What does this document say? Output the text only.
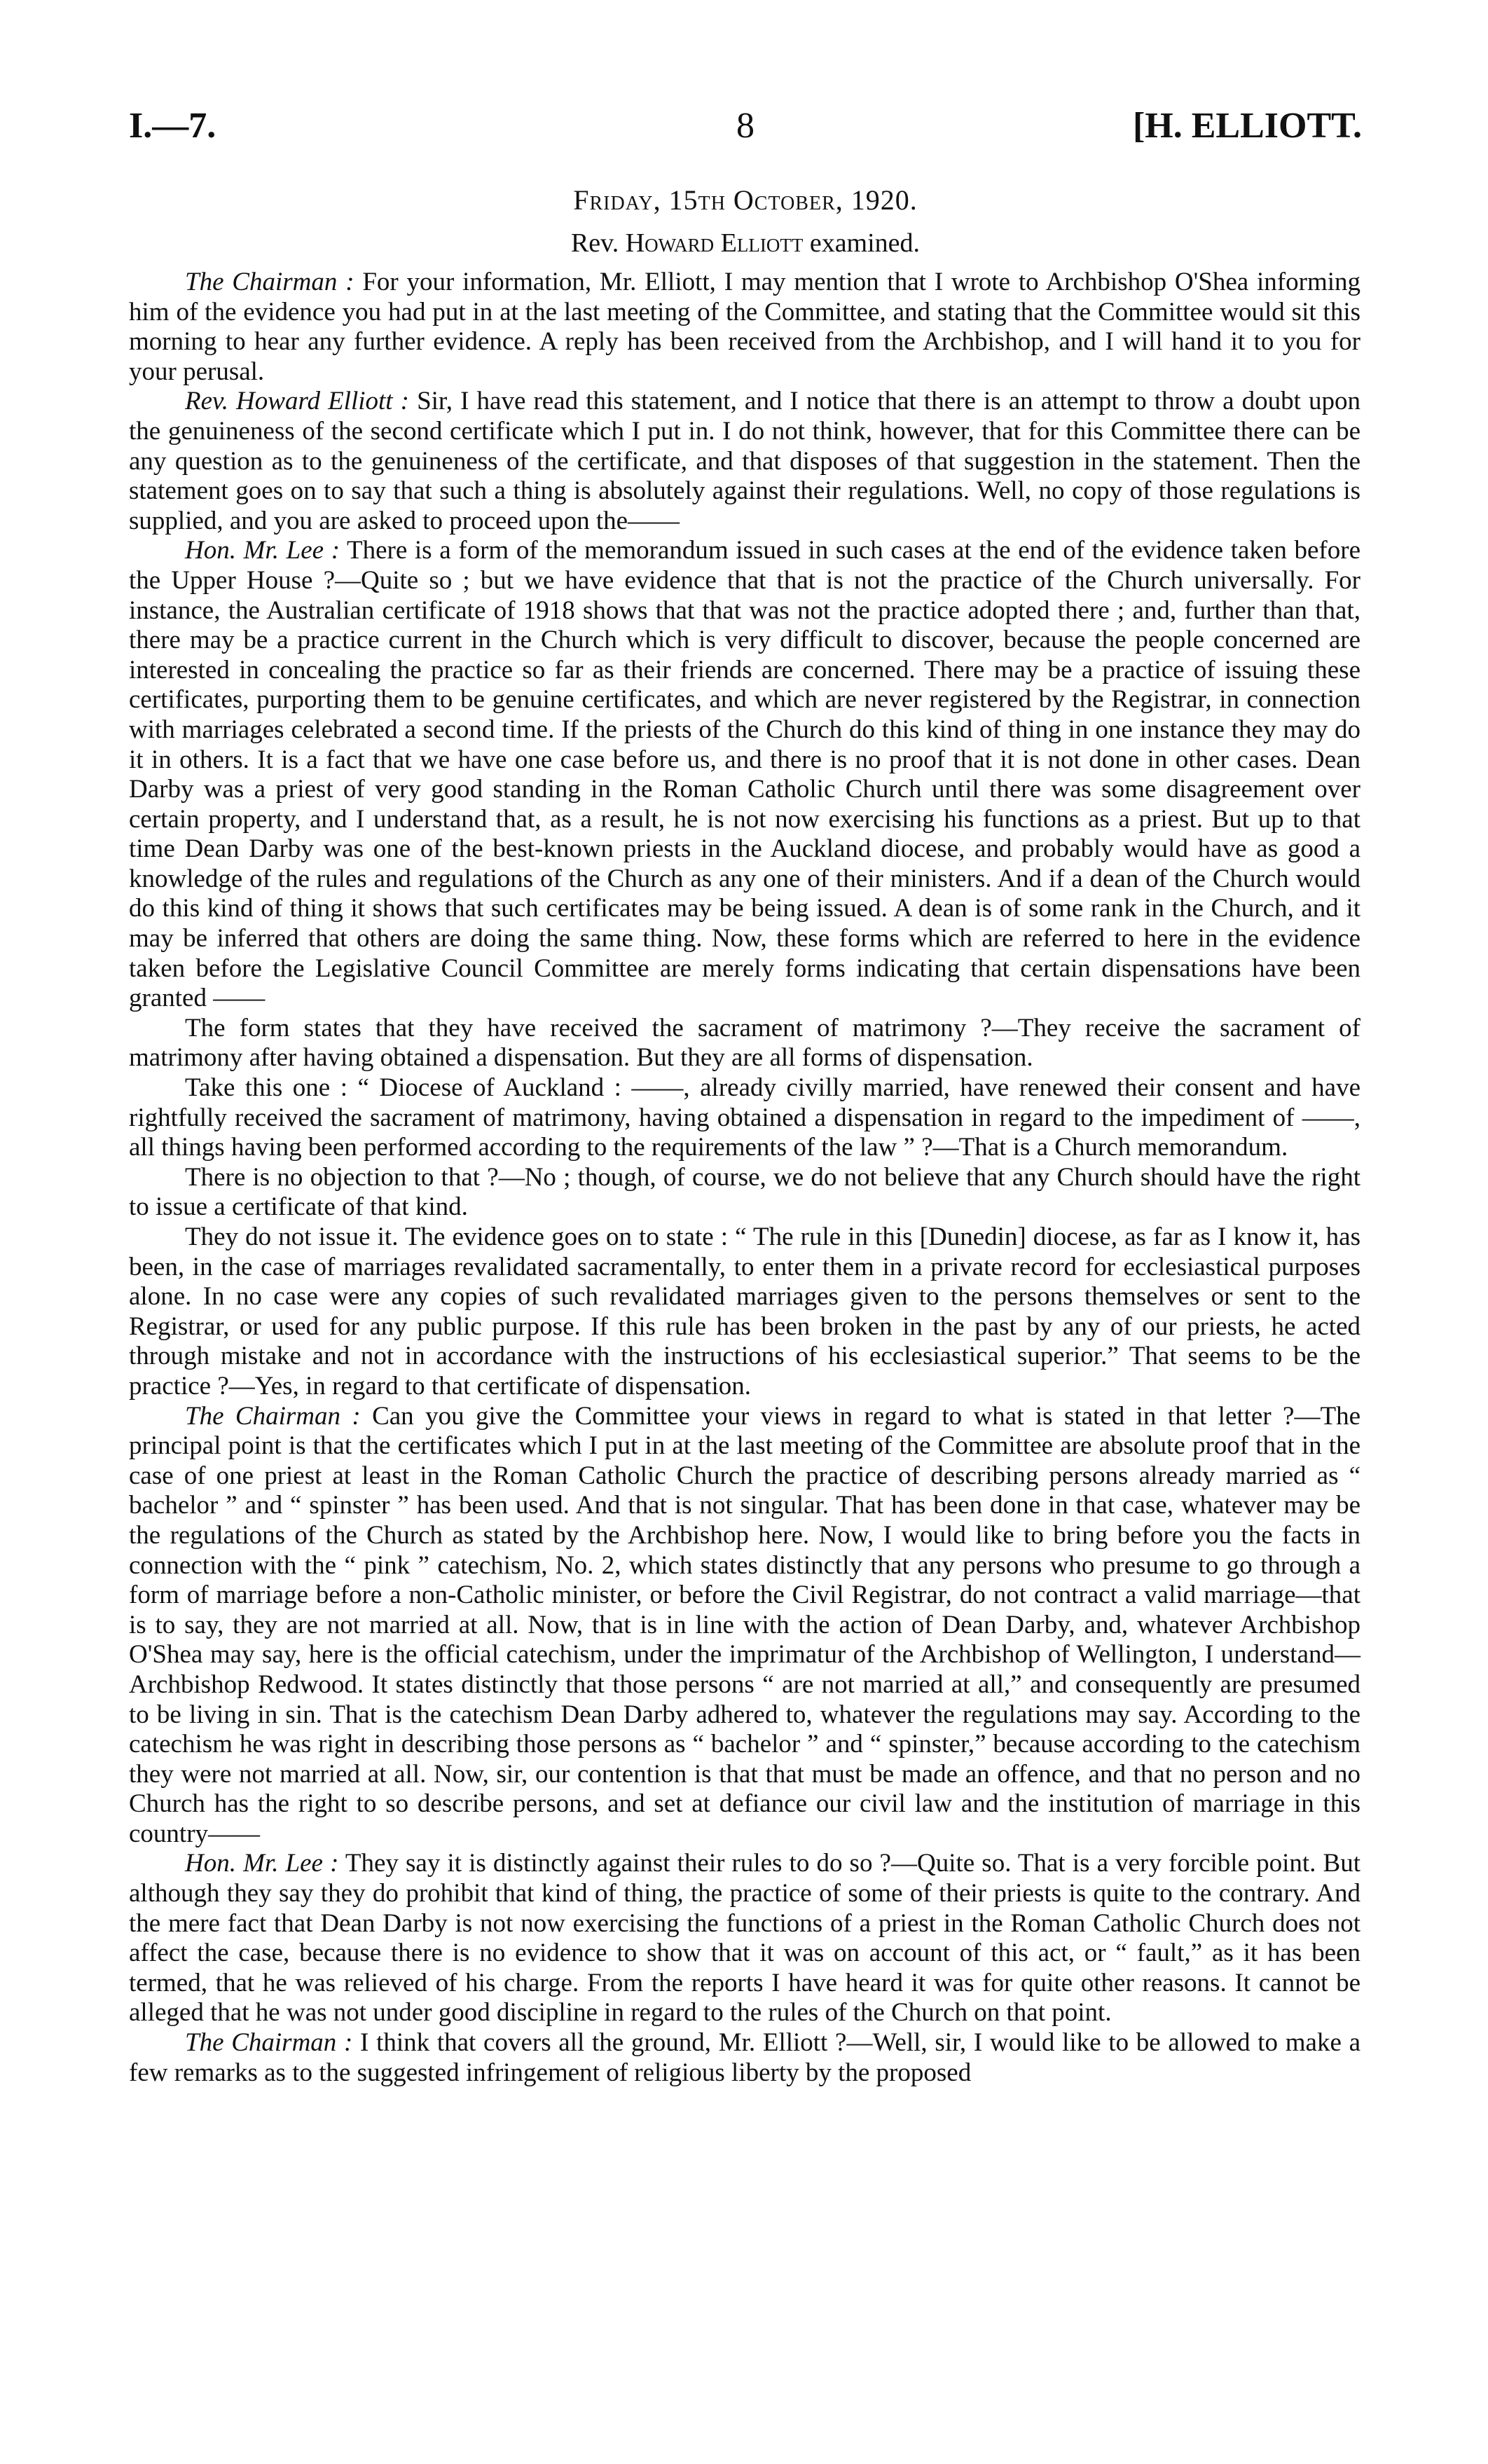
I.—7.	8	[H. ELLIOTT.
Friday, 15th October, 1920.
Rev. Howard Elliott examined.

The Chairman : For your information, Mr. Elliott, I may mention that I wrote to Archbishop O'Shea informing him of the evidence you had put in at the last meeting of the Committee, and stating that the Committee would sit this morning to hear any further evidence. A reply has been received from the Archbishop, and I will hand it to you for your perusal.

Rev. Howard Elliott : Sir, I have read this statement, and I notice that there is an attempt to throw a doubt upon the genuineness of the second certificate which I put in. I do not think, however, that for this Committee there can be any question as to the genuineness of the certificate, and that disposes of that suggestion in the statement. Then the statement goes on to say that such a thing is absolutely against their regulations. Well, no copy of those regulations is supplied, and you are asked to proceed upon the——

Hon. Mr. Lee : There is a form of the memorandum issued in such cases at the end of the evidence taken before the Upper House ?—Quite so ; but we have evidence that that is not the practice of the Church universally. For instance, the Australian certificate of 1918 shows that that was not the practice adopted there ; and, further than that, there may be a practice current in the Church which is very difficult to discover, because the people concerned are interested in concealing the practice so far as their friends are concerned. There may be a practice of issuing these certificates, purporting them to be genuine certificates, and which are never registered by the Registrar, in connection with marriages celebrated a second time. If the priests of the Church do this kind of thing in one instance they may do it in others. It is a fact that we have one case before us, and there is no proof that it is not done in other cases. Dean Darby was a priest of very good standing in the Roman Catholic Church until there was some disagreement over certain property, and I understand that, as a result, he is not now exercising his functions as a priest. But up to that time Dean Darby was one of the best-known priests in the Auckland diocese, and probably would have as good a knowledge of the rules and regulations of the Church as any one of their ministers. And if a dean of the Church would do this kind of thing it shows that such certificates may be being issued. A dean is of some rank in the Church, and it may be inferred that others are doing the same thing. Now, these forms which are referred to here in the evidence taken before the Legislative Council Committee are merely forms indicating that certain dispensations have been granted ——

The form states that they have received the sacrament of matrimony ?—They receive the sacrament of matrimony after having obtained a dispensation. But they are all forms of dispensation.

Take this one : “ Diocese of Auckland : ——, already civilly married, have renewed their consent and have rightfully received the sacrament of matrimony, having obtained a dispensation in regard to the impediment of ——, all things having been performed according to the requirements of the law ” ?—That is a Church memorandum.

There is no objection to that ?—No ; though, of course, we do not believe that any Church should have the right to issue a certificate of that kind.

They do not issue it. The evidence goes on to state : “ The rule in this [Dunedin] diocese, as far as I know it, has been, in the case of marriages revalidated sacramentally, to enter them in a private record for ecclesiastical purposes alone. In no case were any copies of such revalidated marriages given to the persons themselves or sent to the Registrar, or used for any public purpose. If this rule has been broken in the past by any of our priests, he acted through mistake and not in accordance with the instructions of his ecclesiastical superior.” That seems to be the practice ?—Yes, in regard to that certificate of dispensation.

The Chairman : Can you give the Committee your views in regard to what is stated in that letter ?—The principal point is that the certificates which I put in at the last meeting of the Committee are absolute proof that in the case of one priest at least in the Roman Catholic Church the practice of describing persons already married as “ bachelor ” and “ spinster ” has been used. And that is not singular. That has been done in that case, whatever may be the regulations of the Church as stated by the Archbishop here. Now, I would like to bring before you the facts in connection with the “ pink ” catechism, No. 2, which states distinctly that any persons who presume to go through a form of marriage before a non-Catholic minister, or before the Civil Registrar, do not contract a valid marriage—that is to say, they are not married at all. Now, that is in line with the action of Dean Darby, and, whatever Archbishop O'Shea may say, here is the official catechism, under the imprimatur of the Archbishop of Wellington, I understand—Archbishop Redwood. It states distinctly that those persons “ are not married at all,” and consequently are presumed to be living in sin. That is the catechism Dean Darby adhered to, whatever the regulations may say. According to the catechism he was right in describing those persons as “ bachelor ” and “ spinster,” because according to the catechism they were not married at all. Now, sir, our contention is that that must be made an offence, and that no person and no Church has the right to so describe persons, and set at defiance our civil law and the institution of marriage in this country——

Hon. Mr. Lee : They say it is distinctly against their rules to do so ?—Quite so. That is a very forcible point. But although they say they do prohibit that kind of thing, the practice of some of their priests is quite to the contrary. And the mere fact that Dean Darby is not now exercising the functions of a priest in the Roman Catholic Church does not affect the case, because there is no evidence to show that it was on account of this act, or “ fault,” as it has been termed, that he was relieved of his charge. From the reports I have heard it was for quite other reasons. It cannot be alleged that he was not under good discipline in regard to the rules of the Church on that point.

The Chairman : I think that covers all the ground, Mr. Elliott ?—Well, sir, I would like to be allowed to make a few remarks as to the suggested infringement of religious liberty by the proposed
